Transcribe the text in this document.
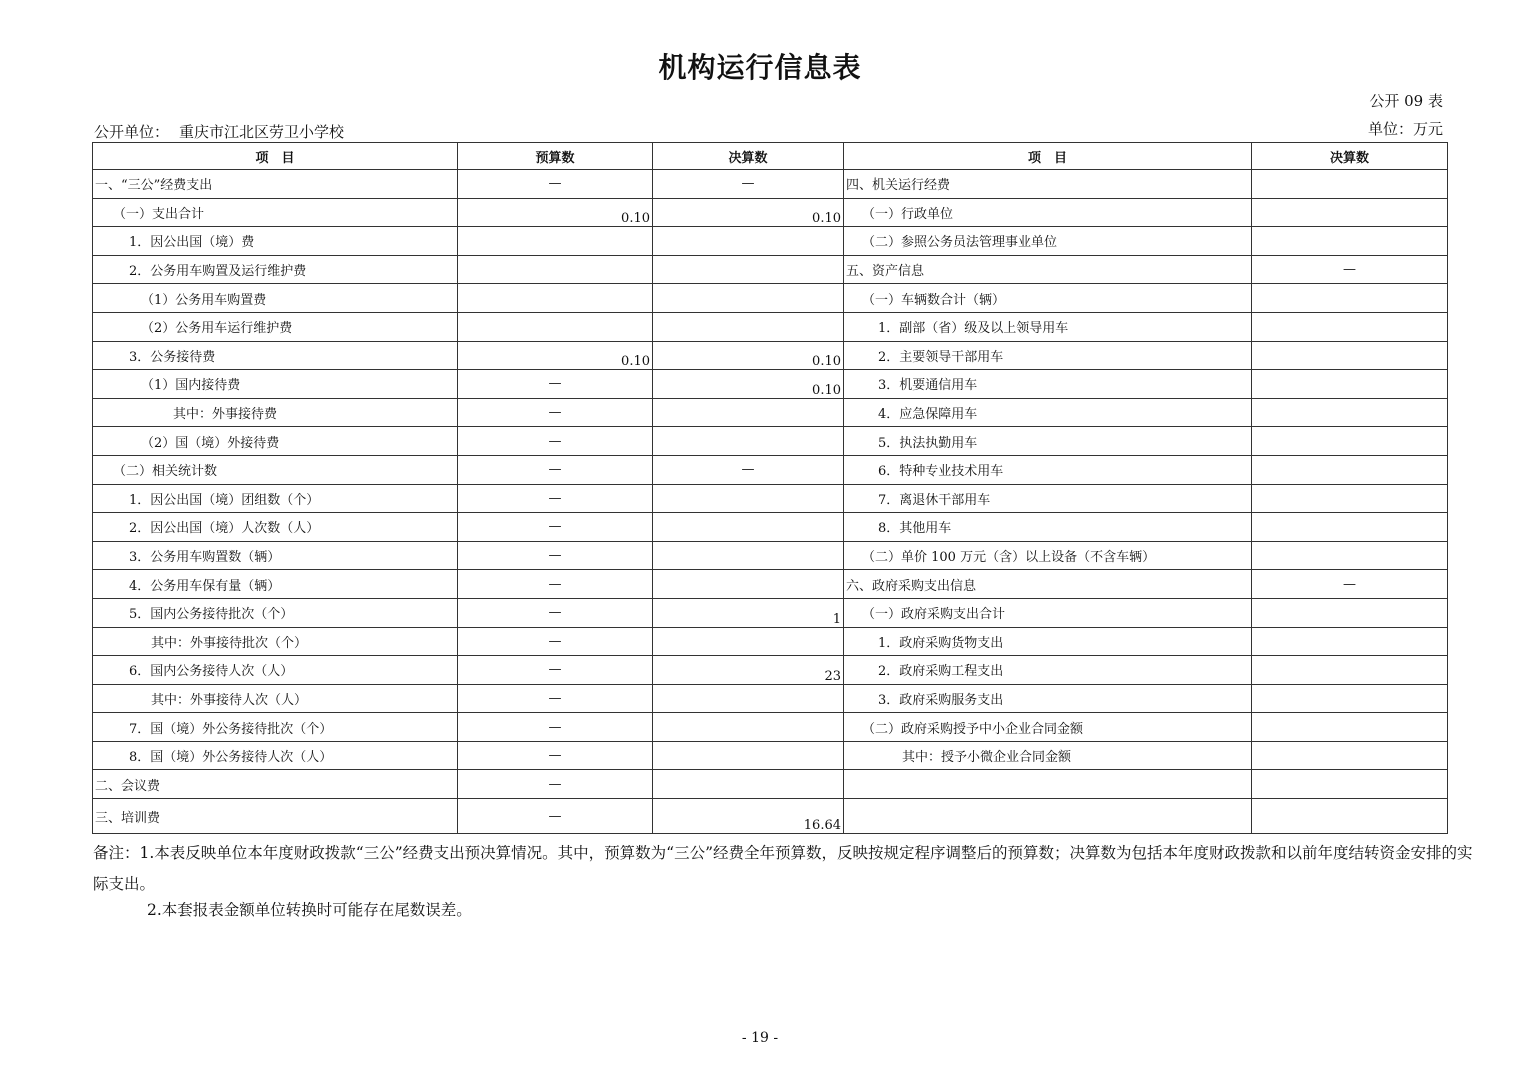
机构运行信息表
公开 09 表
单位：万元
公开单位： 重庆市江北区劳卫小学校
项　目	预算数	决算数	项　目	决算数
一、“三公”经费支出	—	—	四、机关运行经费	
（一）支出合计	0.10	0.10	（一）行政单位	
1．因公出国（境）费			（二）参照公务员法管理事业单位	
2．公务用车购置及运行维护费			五、资产信息	—
（1）公务用车购置费			（一）车辆数合计（辆）	
（2）公务用车运行维护费			1．副部（省）级及以上领导用车	
3．公务接待费	0.10	0.10	2．主要领导干部用车	
（1）国内接待费	—	0.10	3．机要通信用车	
其中：外事接待费	—		4．应急保障用车	
（2）国（境）外接待费	—		5．执法执勤用车	
（二）相关统计数	—	—	6．特种专业技术用车	
1．因公出国（境）团组数（个）	—		7．离退休干部用车	
2．因公出国（境）人次数（人）	—		8．其他用车	
3．公务用车购置数（辆）	—		（二）单价 100 万元（含）以上设备（不含车辆）	
4．公务用车保有量（辆）	—		六、政府采购支出信息	—
5．国内公务接待批次（个）	—	1	（一）政府采购支出合计	
其中：外事接待批次（个）	—		1．政府采购货物支出	
6．国内公务接待人次（人）	—	23	2．政府采购工程支出	
其中：外事接待人次（人）	—		3．政府采购服务支出	
7．国（境）外公务接待批次（个）	—		（二）政府采购授予中小企业合同金额	
8．国（境）外公务接待人次（人）	—		其中：授予小微企业合同金额	
二、会议费	—			
三、培训费	—	16.64		
备注：1.本表反映单位本年度财政拨款“三公”经费支出预决算情况。其中，预算数为“三公”经费全年预算数，反映按规定程序调整后的预算数；决算数为包括本年度财政拨款和以前年度结转资金安排的实际支出。
2.本套报表金额单位转换时可能存在尾数误差。
- 19 -
